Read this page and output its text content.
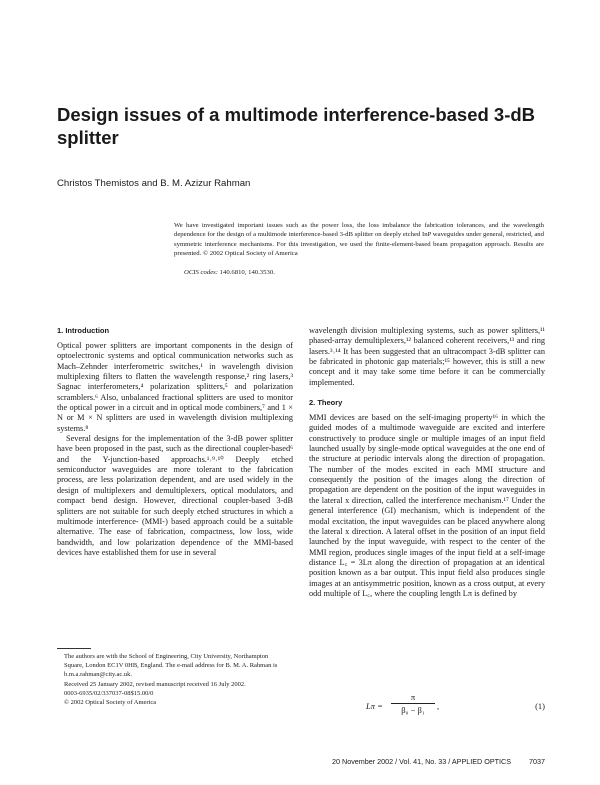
Design issues of a multimode interference-based 3-dB splitter
Christos Themistos and B. M. Azizur Rahman
We have investigated important issues such as the power loss, the loss imbalance the fabrication tolerances, and the wavelength dependence for the design of a multimode interference-based 3-dB splitter on deeply etched InP waveguides under general, restricted, and symmetric interference mechanisms. For this investigation, we used the finite-element-based beam propagation approach. Results are presented. © 2002 Optical Society of America
OCIS codes: 140.6810, 140.3530.
1. Introduction

Optical power splitters are important components in the design of optoelectronic systems and optical communication networks such as Mach–Zehnder interferometric switches,¹ in wavelength division multiplexing filters to flatten the wavelength response,² ring lasers,³ Sagnac interferometers,⁴ polarization splitters,⁵ and polarization scramblers.⁶ Also, unbalanced fractional splitters are used to monitor the optical power in a circuit and in optical mode combiners,⁷ and 1 × N or M × N splitters are used in wavelength division multiplexing systems.⁸

Several designs for the implementation of the 3-dB power splitter have been proposed in the past, such as the directional coupler-based⁶ and the Y-junction-based approachs.¹˒⁹˒¹⁰ Deeply etched semiconductor waveguides are more tolerant to the fabrication process, are less polarization dependent, and are used widely in the design of multiplexers and demultiplexers, optical modulators, and compact bend design. However, directional coupler-based 3-dB splitters are not suitable for such deeply etched structures in which a multimode interference- (MMI-) based approach could be a suitable alternative. The ease of fabrication, compactness, low loss, wide bandwidth, and low polarization dependence of the MMI-based devices have established them for use in several

wavelength division multiplexing systems, such as power splitters,¹¹ phased-array demultiplexers,¹² balanced coherent receivers,¹³ and ring lasers.³˒¹⁴ It has been suggested that an ultracompact 3-dB splitter can be fabricated in photonic gap materials;¹⁵ however, this is still a new concept and it may take some time before it can be commercially implemented.

2. Theory

MMI devices are based on the self-imaging property¹⁶ in which the guided modes of a multimode waveguide are excited and interfere constructively to produce single or multiple images of an input field launched usually by single-mode optical waveguides at the one end of the structure at periodic intervals along the direction of propagation. The number of the modes excited in each MMI structure and consequently the position of the images along the direction of propagation are dependent on the position of the input waveguides in the lateral x direction, called the interference mechanism.¹⁷ Under the general interference (GI) mechanism, which is independent of the modal excitation, the input waveguides can be placed anywhere along the lateral x direction. A lateral offset in the position of an input field launched by the input waveguide, with respect to the center of the MMI region, produces single images of the input field at a self-image distance L꜀ = 3Lπ along the direction of propagation at an identical position known as a bar output. This input field also produces single images at an antisymmetric position, known as a cross output, at every odd multiple of L꜀, where the coupling length Lπ is defined by

$L\pi = \frac{\pi}{\text{β₀ − β₁}}$ ,	(1)
The authors are with the School of Engineering, City University, Northampton Square, London EC1V 0HB, England. The e-mail address for B. M. A. Rahman is b.m.a.rahman@city.ac.uk.
Received 25 January 2002, revised manuscript received 16 July 2002.
0003-6935/02/337037-08$15.00/0
© 2002 Optical Society of America
20 November 2002 / Vol. 41, No. 33 / APPLIED OPTICS	7037
